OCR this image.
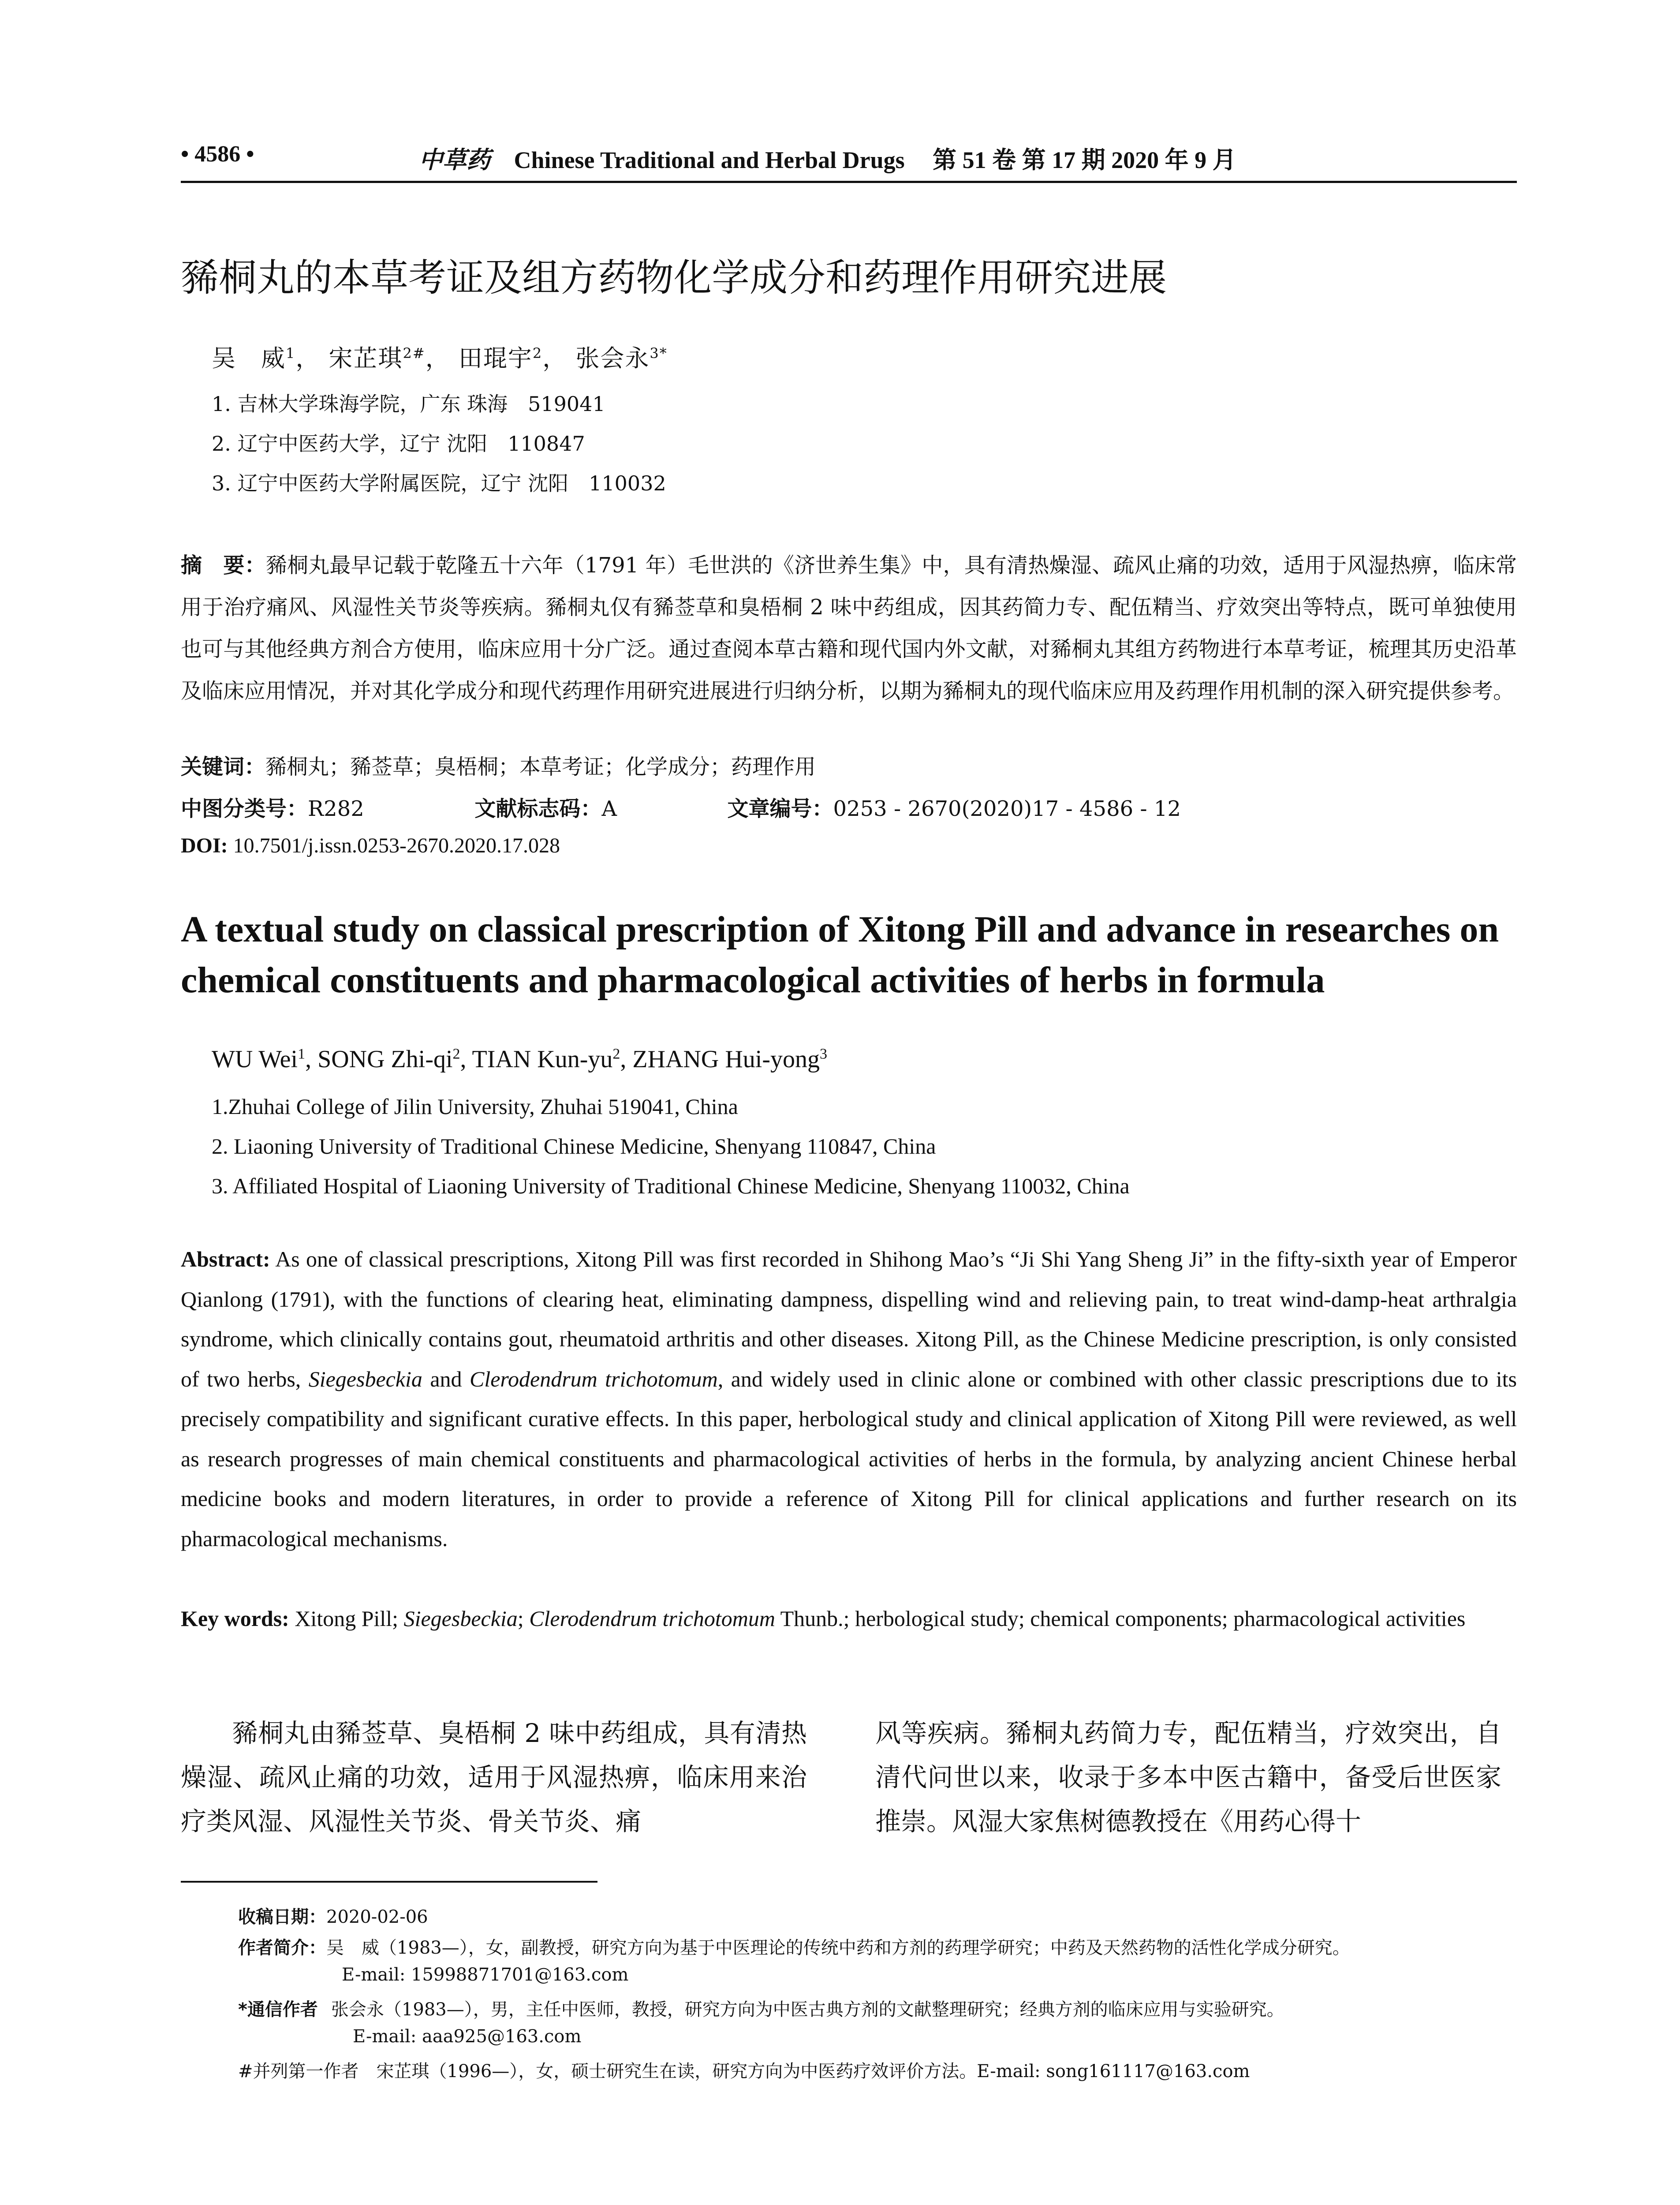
• 4586 •	中草药 Chinese Traditional and Herbal Drugs 第 51 卷 第 17 期 2020 年 9 月
豨桐丸的本草考证及组方药物化学成分和药理作用研究进展
吴　威$^1$， 宋芷琪$^{2\#}$， 田琨宇$^2$， 张会永$^{3*}$
1. 吉林大学珠海学院，广东 珠海　519041
2. 辽宁中医药大学，辽宁 沈阳　110847
3. 辽宁中医药大学附属医院，辽宁 沈阳　110032
摘　要：豨桐丸最早记载于乾隆五十六年（1791 年）毛世洪的《济世养生集》中，具有清热燥湿、疏风止痛的功效，适用于风湿热痹，临床常用于治疗痛风、风湿性关节炎等疾病。豨桐丸仅有豨莶草和臭梧桐 2 味中药组成，因其药简力专、配伍精当、疗效突出等特点，既可单独使用也可与其他经典方剂合方使用，临床应用十分广泛。通过查阅本草古籍和现代国内外文献，对豨桐丸其组方药物进行本草考证，梳理其历史沿革及临床应用情况，并对其化学成分和现代药理作用研究进展进行归纳分析，以期为豨桐丸的现代临床应用及药理作用机制的深入研究提供参考。
关键词：豨桐丸；豨莶草；臭梧桐；本草考证；化学成分；药理作用
中图分类号：R282	文献标志码：A	文章编号：0253 - 2670(2020)17 - 4586 - 12
DOI: 10.7501/j.issn.0253-2670.2020.17.028
A textual study on classical prescription of Xitong Pill and advance in researches on chemical constituents and pharmacological activities of herbs in formula
WU Wei$^1$, SONG Zhi-$qi^2$, TIAN Kun-$yu^2$, ZHANG Hui-yong$^3$
1.Zhuhai College of Jilin University, Zhuhai 519041, China
2. Liaoning University of Traditional Chinese Medicine, Shenyang 110847, China
3. Affiliated Hospital of Liaoning University of Traditional Chinese Medicine, Shenyang 110032, China
Abstract: As one of classical prescriptions, Xitong Pill was first recorded in Shihong Mao’s “Ji Shi Yang Sheng Ji” in the fifty-sixth year of Emperor Qianlong (1791), with the functions of clearing heat, eliminating dampness, dispelling wind and relieving pain, to treat wind-damp-heat arthralgia syndrome, which clinically contains gout, rheumatoid arthritis and other diseases. Xitong Pill, as the Chinese Medicine prescription, is only consisted of two herbs, Siegesbeckia and Clerodendrum trichotomum, and widely used in clinic alone or combined with other classic prescriptions due to its precisely compatibility and significant curative effects. In this paper, herbological study and clinical application of Xitong Pill were reviewed, as well as research progresses of main chemical constituents and pharmacological activities of herbs in the formula, by analyzing ancient Chinese herbal medicine books and modern literatures, in order to provide a reference of Xitong Pill for clinical applications and further research on its pharmacological mechanisms.
Key words: Xitong Pill; Siegesbeckia; Clerodendrum trichotomum Thunb.; herbological study; chemical components; pharmacological activities
豨桐丸由豨莶草、臭梧桐 2 味中药组成，具有清热燥湿、疏风止痛的功效，适用于风湿热痹，临床用来治疗类风湿、风湿性关节炎、骨关节炎、痛
风等疾病。豨桐丸药简力专，配伍精当，疗效突出，自清代问世以来，收录于多本中医古籍中，备受后世医家推崇。风湿大家焦树德教授在《用药心得十
收稿日期：2020-02-06
作者简介：吴　威（1983—），女，副教授，研究方向为基于中医理论的传统中药和方剂的药理学研究；中药及天然药物的活性化学成分研究。
E-mail: 15998871701@163.com
*通信作者 张会永（1983—），男，主任中医师，教授，研究方向为中医古典方剂的文献整理研究；经典方剂的临床应用与实验研究。
E-mail: aaa925@163.com
#并列第一作者　宋芷琪（1996—），女，硕士研究生在读，研究方向为中医药疗效评价方法。E-mail: song161117@163.com
